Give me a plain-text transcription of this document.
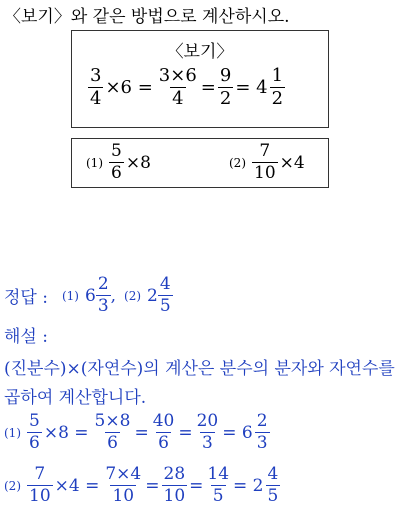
〈보기〉와 같은 방법으로 계산하시오.
〈보기〉
$\frac{3}{4} \times 6 = \frac{3\times 6}{4} = \frac{9}{2} = 4 \frac{1}{2}$
$(1) \frac{5}{6} \times 8$	$(2) \frac{7}{10} \times 4$
정답 : (1) $6 \frac{2}{3}$ , (2) $2 \frac{4}{5}$
해설 :
(진분수)×(자연수)의 계산은 분수의 분자와 자연수를
곱하여 계산합니다.
$(1) \frac{5}{6} \times 8 = \frac{5\times 8}{6} = \frac{40}{6} = \frac{20}{3} = 6 \frac{2}{3}$
$(2) \frac{7}{10} \times 4 = \frac{7\times 4}{10} = \frac{28}{10} = \frac{14}{5} = 2 \frac{4}{5}$
